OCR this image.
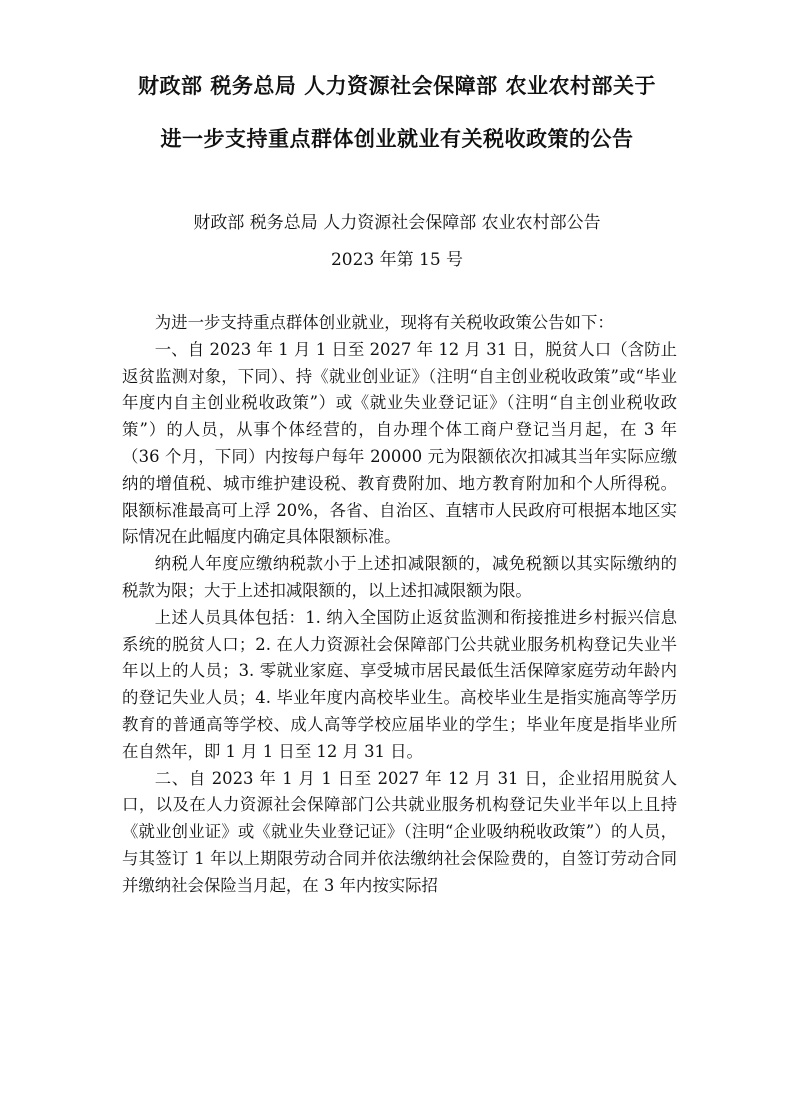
财政部 税务总局 人力资源社会保障部 农业农村部关于
进一步支持重点群体创业就业有关税收政策的公告
财政部 税务总局 人力资源社会保障部 农业农村部公告
2023 年第 15 号

为进一步支持重点群体创业就业，现将有关税收政策公告如下：

一、自 2023 年 1 月 1 日至 2027 年 12 月 31 日，脱贫人口（含防止返贫监测对象，下同）、持《就业创业证》（注明“自主创业税收政策”或“毕业年度内自主创业税收政策”）或《就业失业登记证》（注明“自主创业税收政策”）的人员，从事个体经营的，自办理个体工商户登记当月起，在 3 年（36 个月，下同）内按每户每年 20000 元为限额依次扣减其当年实际应缴纳的增值税、城市维护建设税、教育费附加、地方教育附加和个人所得税。限额标准最高可上浮 20%，各省、自治区、直辖市人民政府可根据本地区实际情况在此幅度内确定具体限额标准。

纳税人年度应缴纳税款小于上述扣减限额的，减免税额以其实际缴纳的税款为限；大于上述扣减限额的，以上述扣减限额为限。

上述人员具体包括：1. 纳入全国防止返贫监测和衔接推进乡村振兴信息系统的脱贫人口；2. 在人力资源社会保障部门公共就业服务机构登记失业半年以上的人员；3. 零就业家庭、享受城市居民最低生活保障家庭劳动年龄内的登记失业人员；4. 毕业年度内高校毕业生。高校毕业生是指实施高等学历教育的普通高等学校、成人高等学校应届毕业的学生；毕业年度是指毕业所在自然年，即 1 月 1 日至 12 月 31 日。

二、自 2023 年 1 月 1 日至 2027 年 12 月 31 日，企业招用脱贫人口，以及在人力资源社会保障部门公共就业服务机构登记失业半年以上且持《就业创业证》或《就业失业登记证》（注明“企业吸纳税收政策”）的人员，与其签订 1 年以上期限劳动合同并依法缴纳社会保险费的，自签订劳动合同并缴纳社会保险当月起，在 3 年内按实际招
